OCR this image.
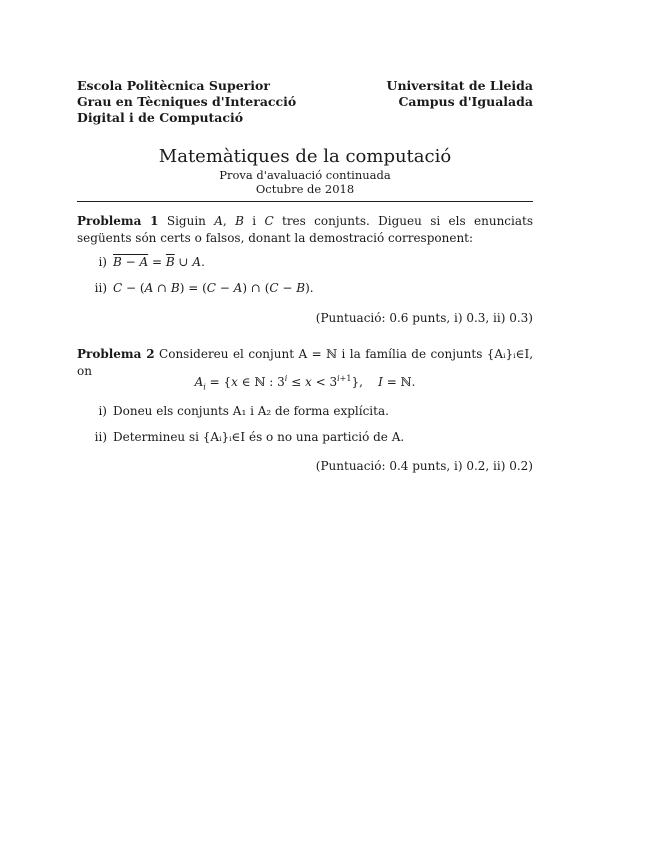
Escola Politècnica Superior
Grau en Tècniques d'Interacció
Digital i de Computació
Universitat de Lleida
Campus d'Igualada
Matemàtiques de la computació
Prova d'avaluació continuada
Octubre de 2018
Problema 1 Siguin A, B i C tres conjunts. Digueu si els enunciats següents són certs o falsos, donant la demostració corresponent:
i) $B - A = \overline{B}$ ∪ A.
ii) C − (A ∩ B) = (C − A) ∩ (C − B).
(Puntuació: 0.6 punts, i) 0.3, ii) 0.3)
Problema 2 Considereu el conjunt A = ℕ i la família de conjunts {Aᵢ}ᵢ∈I, on
$A_i = \{x$ ∈ ℕ : $3^i \le x < 3^{i+1}$},    I = ℕ.
i) Doneu els conjunts A₁ i A₂ de forma explícita.
ii) Determineu si {Aᵢ}ᵢ∈I és o no una partició de A.
(Puntuació: 0.4 punts, i) 0.2, ii) 0.2)
